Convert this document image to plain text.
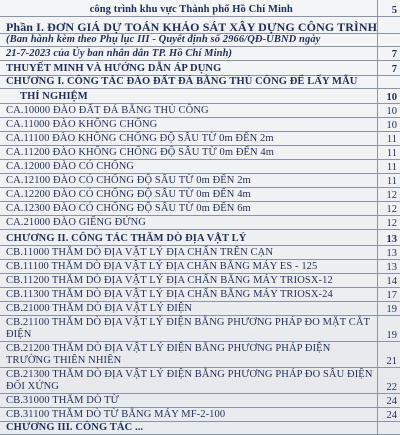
công trình khu vực Thành phố Hồ Chí Minh	5
Phần I. ĐƠN GIÁ DỰ TOÁN KHẢO SÁT XÂY DỰNG CÔNG TRÌNH	
(Ban hành kèm theo Phụ lục III - Quyết định số 2966/QĐ-UBND ngày	
21-7-2023 của Ủy ban nhân dân TP. Hồ Chí Minh)	7
THUYẾT MINH VÀ HƯỚNG DẪN ÁP DỤNG	7
CHƯƠNG I. CÔNG TÁC ĐÀO ĐẤT ĐÁ BẰNG THỦ CÔNG ĐỂ LẤY MẪU	
THÍ NGHIỆM	10
CA.10000 ĐÀO ĐẤT ĐÁ BẰNG THỦ CÔNG	10
CA.11000 ĐÀO KHÔNG CHỐNG	10
CA.11100 ĐÀO KHÔNG CHỐNG ĐỘ SÂU TỪ 0m ĐẾN 2m	11
CA.11200 ĐÀO KHÔNG CHỐNG ĐỘ SÂU TỪ 0m ĐẾN 4m	11
CA.12000 ĐÀO CÓ CHỐNG	11
CA.12100 ĐÀO CÓ CHỐNG ĐỘ SÂU TỪ 0m ĐẾN 2m	11
CA.12200 ĐÀO CÓ CHỐNG ĐỘ SÂU TỪ 0m ĐẾN 4m	12
CA.12300 ĐÀO CÓ CHỐNG ĐỘ SÂU TỪ 0m ĐẾN 6m	12
CA.21000 ĐÀO GIẾNG ĐỨNG	12
CHƯƠNG II. CÔNG TÁC THĂM DÒ ĐỊA VẬT LÝ	13
CB.11000 THĂM DÒ ĐỊA VẬT LÝ ĐỊA CHẤN TRÊN CẠN	13
CB.11100 THĂM DÒ ĐỊA VẬT LÝ ĐỊA CHẤN BẰNG MÁY ES - 125	13
CB.11200 THĂM DÒ ĐỊA VẬT LÝ ĐỊA CHẤN BẰNG MÁY TRIOSX-12	14
CB.11300 THĂM DÒ ĐỊA VẬT LÝ ĐỊA CHẤN BẰNG MÁY TRIOSX-24	17
CB.21000 THĂM DÒ ĐỊA VẬT LÝ ĐIỆN	19
CB.21100 THĂM DÒ ĐỊA VẬT LÝ ĐIỆN BẰNG PHƯƠNG PHÁP ĐO MẶT CẮT ĐIỆN	19
CB.21200 THĂM DÒ ĐỊA VẬT LÝ ĐIỆN BẰNG PHƯƠNG PHÁP ĐIỆN TRƯỜNG THIÊN NHIÊN	21
CB.21300 THĂM DÒ ĐỊA VẬT LÝ ĐIỆN BẰNG PHƯƠNG PHÁP ĐO SÂU ĐIỆN ĐỐI XỨNG	22
CB.31000 THĂM DÒ TỪ	24
CB.31100 THĂM DÒ TỪ BẰNG MÁY MF-2-100	24
CHƯƠNG III. CÔNG TÁC ...	
